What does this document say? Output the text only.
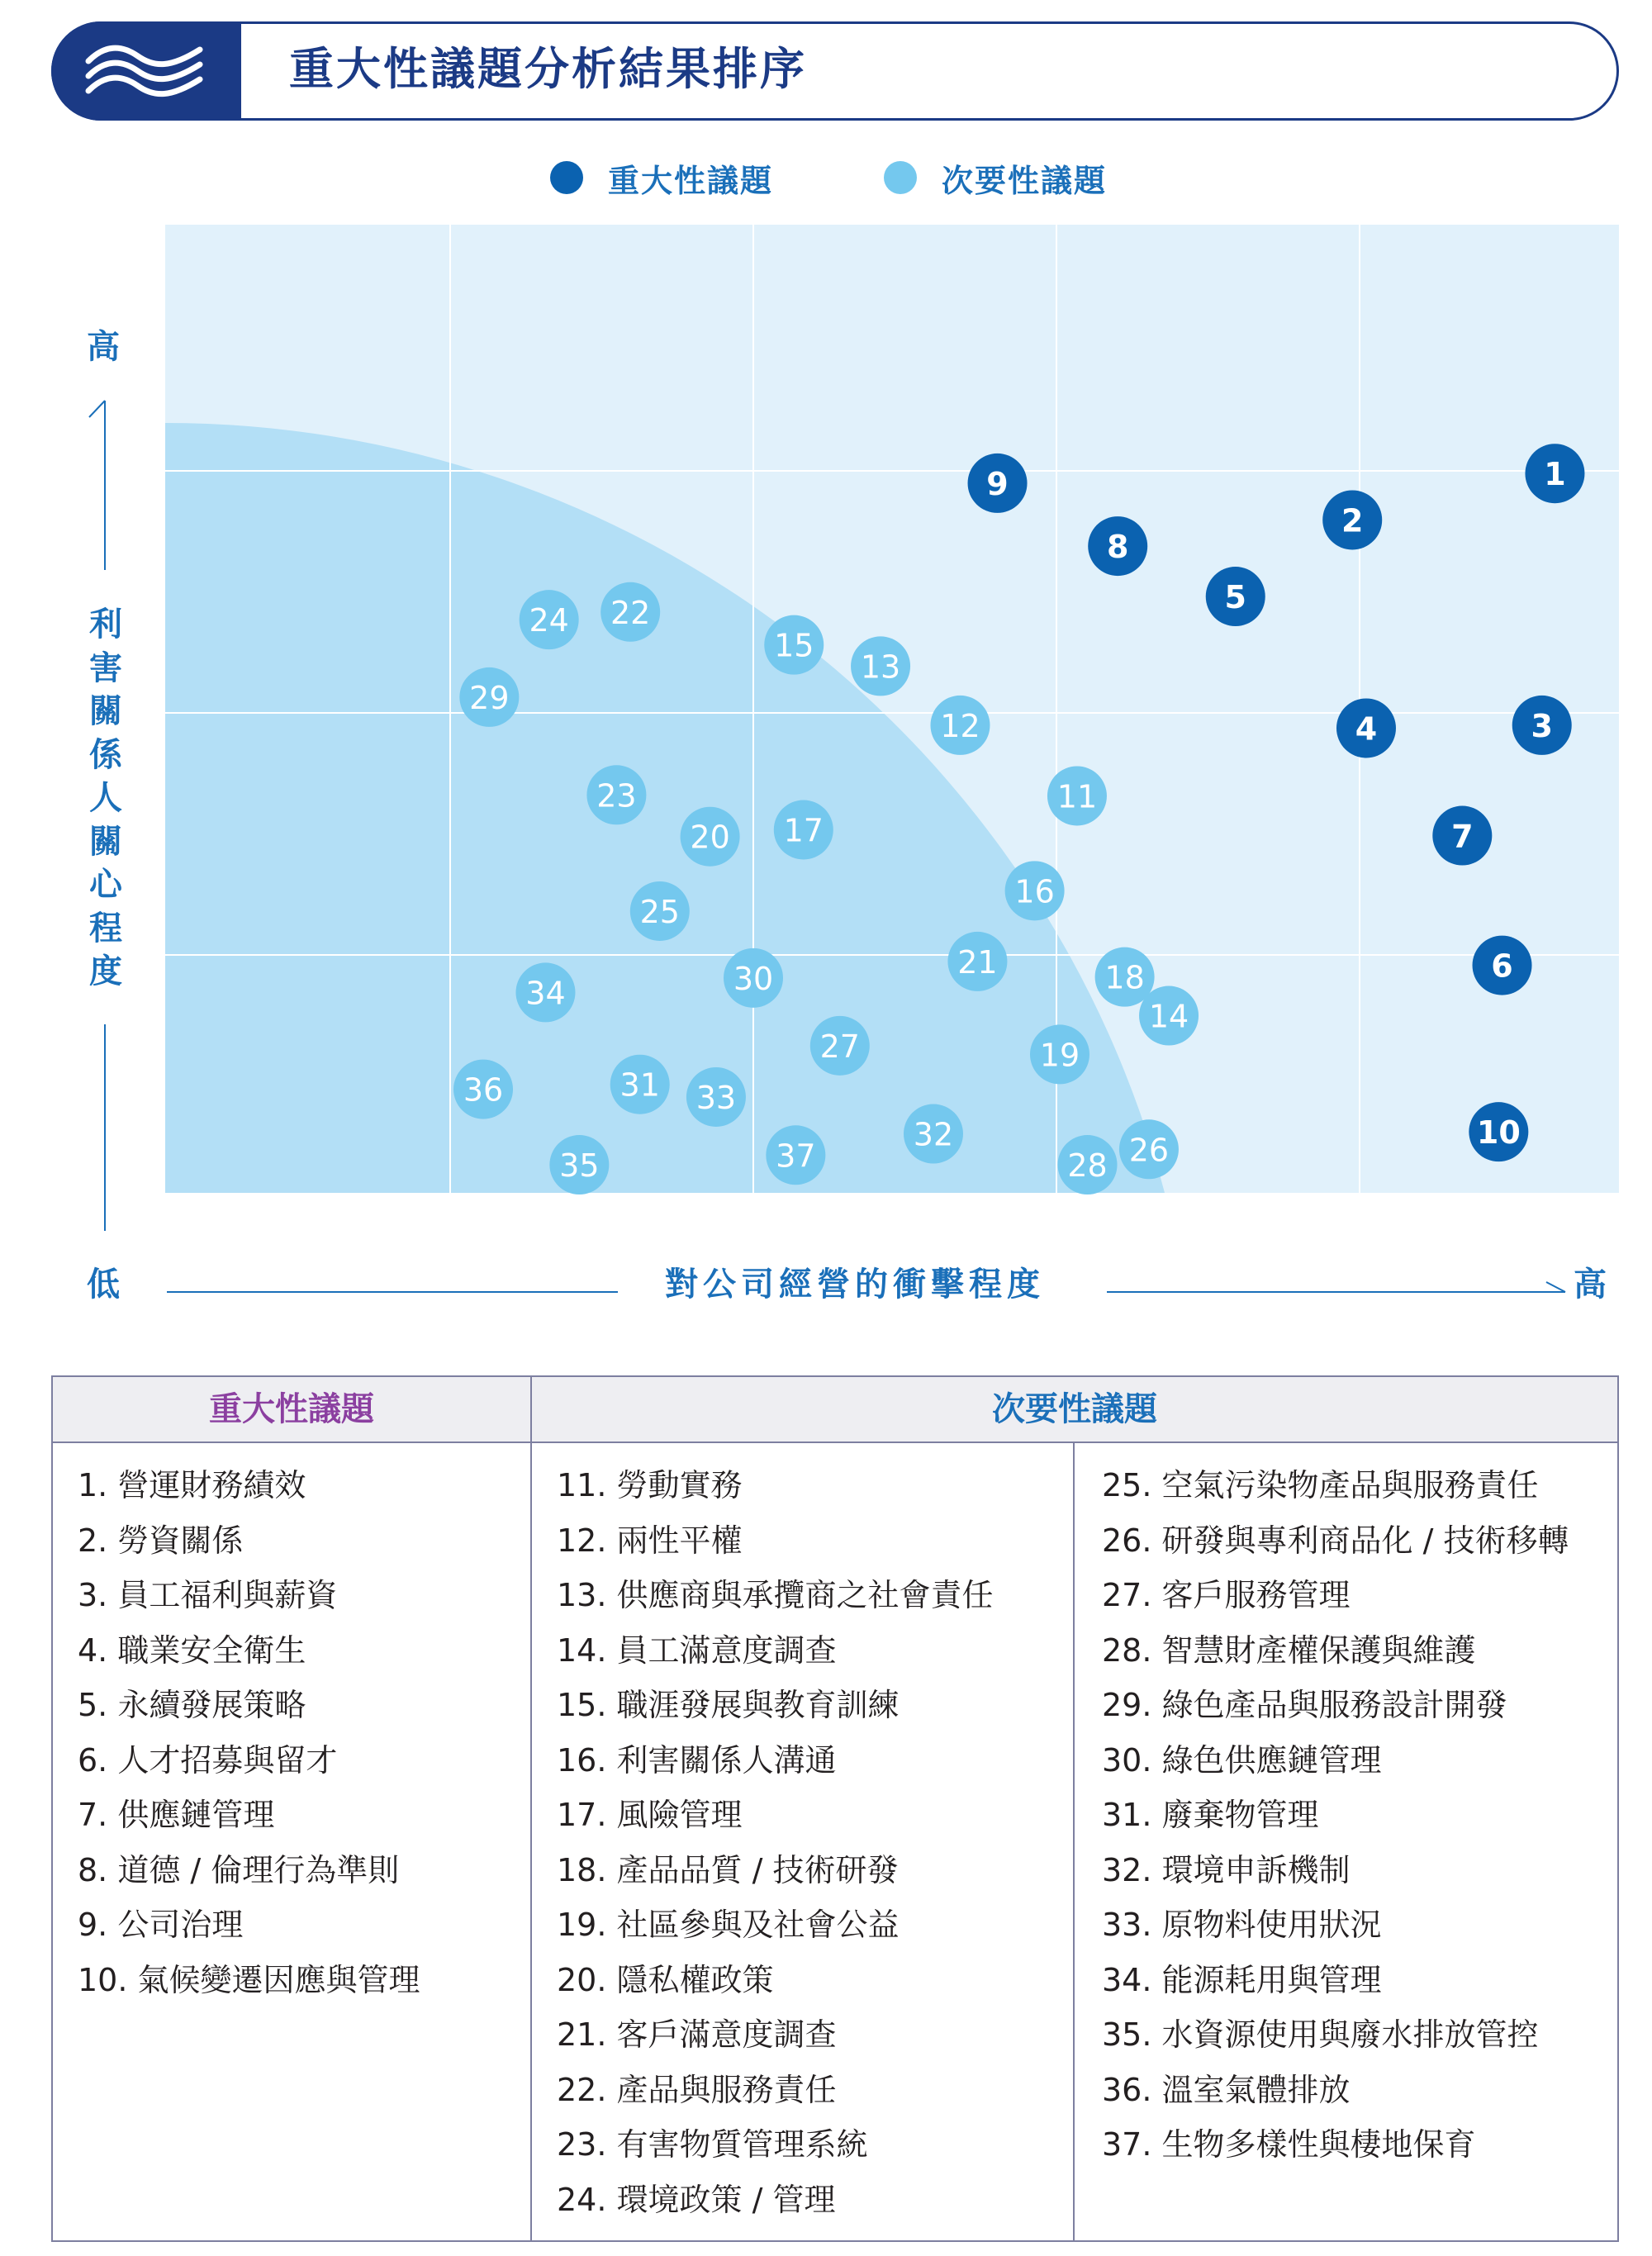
重大性議題分析結果排序
重大性議題	次要性議題
1
2
3
4
5
6
7
8
9
10
11
12
13
14
15
16
17
18
19
20
21
22
23
24
25
26
27
28
29
30
31
32
33
34
35
36
37
高
利害關係人關心程度
低	對公司經營的衝擊程度	高
重大性議題	次要性議題
1. 營運財務績效
2. 勞資關係
3. 員工福利與薪資
4. 職業安全衛生
5. 永續發展策略
6. 人才招募與留才
7. 供應鏈管理
8. 道德 / 倫理行為準則
9. 公司治理
10. 氣候變遷因應與管理
11. 勞動實務
12. 兩性平權
13. 供應商與承攬商之社會責任
14. 員工滿意度調查
15. 職涯發展與教育訓練
16. 利害關係人溝通
17. 風險管理
18. 產品品質 / 技術研發
19. 社區參與及社會公益
20. 隱私權政策
21. 客戶滿意度調查
22. 產品與服務責任
23. 有害物質管理系統
24. 環境政策 / 管理
25. 空氣污染物產品與服務責任
26. 研發與專利商品化 / 技術移轉
27. 客戶服務管理
28. 智慧財產權保護與維護
29. 綠色產品與服務設計開發
30. 綠色供應鏈管理
31. 廢棄物管理
32. 環境申訴機制
33. 原物料使用狀況
34. 能源耗用與管理
35. 水資源使用與廢水排放管控
36. 溫室氣體排放
37. 生物多樣性與棲地保育
